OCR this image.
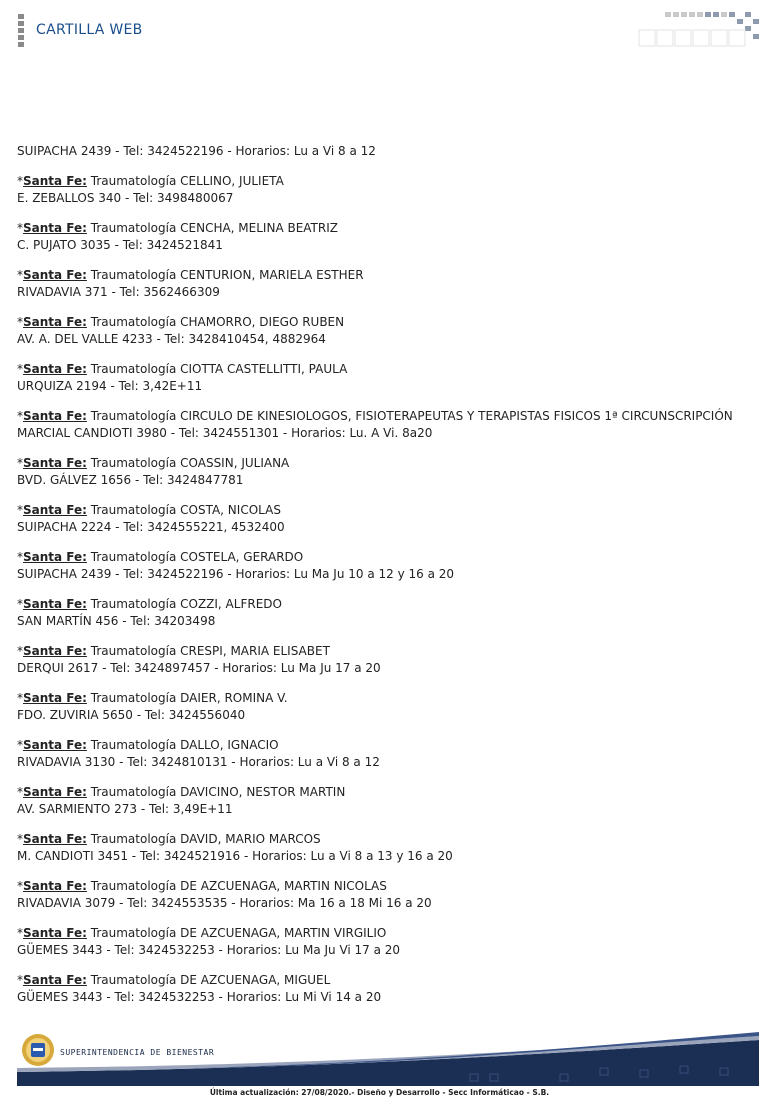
CARTILLA WEB
SUIPACHA 2439 - Tel: 3424522196 - Horarios: Lu a Vi 8 a 12
*Santa Fe: Traumatología CELLINO, JULIETA
E. ZEBALLOS 340 - Tel: 3498480067
*Santa Fe: Traumatología CENCHA, MELINA BEATRIZ
C. PUJATO 3035 - Tel: 3424521841
*Santa Fe: Traumatología CENTURION, MARIELA ESTHER
RIVADAVIA 371 - Tel: 3562466309
*Santa Fe: Traumatología CHAMORRO, DIEGO RUBEN
AV. A. DEL VALLE 4233 - Tel: 3428410454, 4882964
*Santa Fe: Traumatología CIOTTA CASTELLITTI, PAULA
URQUIZA 2194 - Tel: 3,42E+11
*Santa Fe: Traumatología CIRCULO DE KINESIOLOGOS, FISIOTERAPEUTAS Y TERAPISTAS FISICOS 1ª CIRCUNSCRIPCIÓN
MARCIAL CANDIOTI 3980 - Tel: 3424551301 - Horarios: Lu. A Vi. 8a20
*Santa Fe: Traumatología COASSIN, JULIANA
BVD. GÁLVEZ 1656 - Tel: 3424847781
*Santa Fe: Traumatología COSTA, NICOLAS
SUIPACHA 2224 - Tel: 3424555221, 4532400
*Santa Fe: Traumatología COSTELA, GERARDO
SUIPACHA 2439 - Tel: 3424522196 - Horarios: Lu Ma Ju 10 a 12 y 16 a 20
*Santa Fe: Traumatología COZZI, ALFREDO
SAN MARTÍN 456 - Tel: 34203498
*Santa Fe: Traumatología CRESPI, MARIA ELISABET
DERQUI 2617 - Tel: 3424897457 - Horarios: Lu Ma Ju 17 a 20
*Santa Fe: Traumatología DAIER, ROMINA V.
FDO. ZUVIRIA 5650 - Tel: 3424556040
*Santa Fe: Traumatología DALLO, IGNACIO
RIVADAVIA 3130 - Tel: 3424810131 - Horarios: Lu a Vi 8 a 12
*Santa Fe: Traumatología DAVICINO, NESTOR MARTIN
AV. SARMIENTO 273 - Tel: 3,49E+11
*Santa Fe: Traumatología DAVID, MARIO MARCOS
M. CANDIOTI 3451 - Tel: 3424521916 - Horarios: Lu a Vi 8 a 13 y 16 a 20
*Santa Fe: Traumatología DE AZCUENAGA, MARTIN NICOLAS
RIVADAVIA 3079 - Tel: 3424553535 - Horarios: Ma 16 a 18 Mi 16 a 20
*Santa Fe: Traumatología DE AZCUENAGA, MARTIN VIRGILIO
GÜEMES 3443 - Tel: 3424532253 - Horarios: Lu Ma Ju Vi 17 a 20
*Santa Fe: Traumatología DE AZCUENAGA, MIGUEL
GÜEMES 3443 - Tel: 3424532253 - Horarios: Lu Mi Vi 14 a 20
SUPERINTENDENCIA DE BIENESTAR
Última actualización: 27/08/2020.- Diseño y Desarrollo - Secc Informáticao - S.B.
